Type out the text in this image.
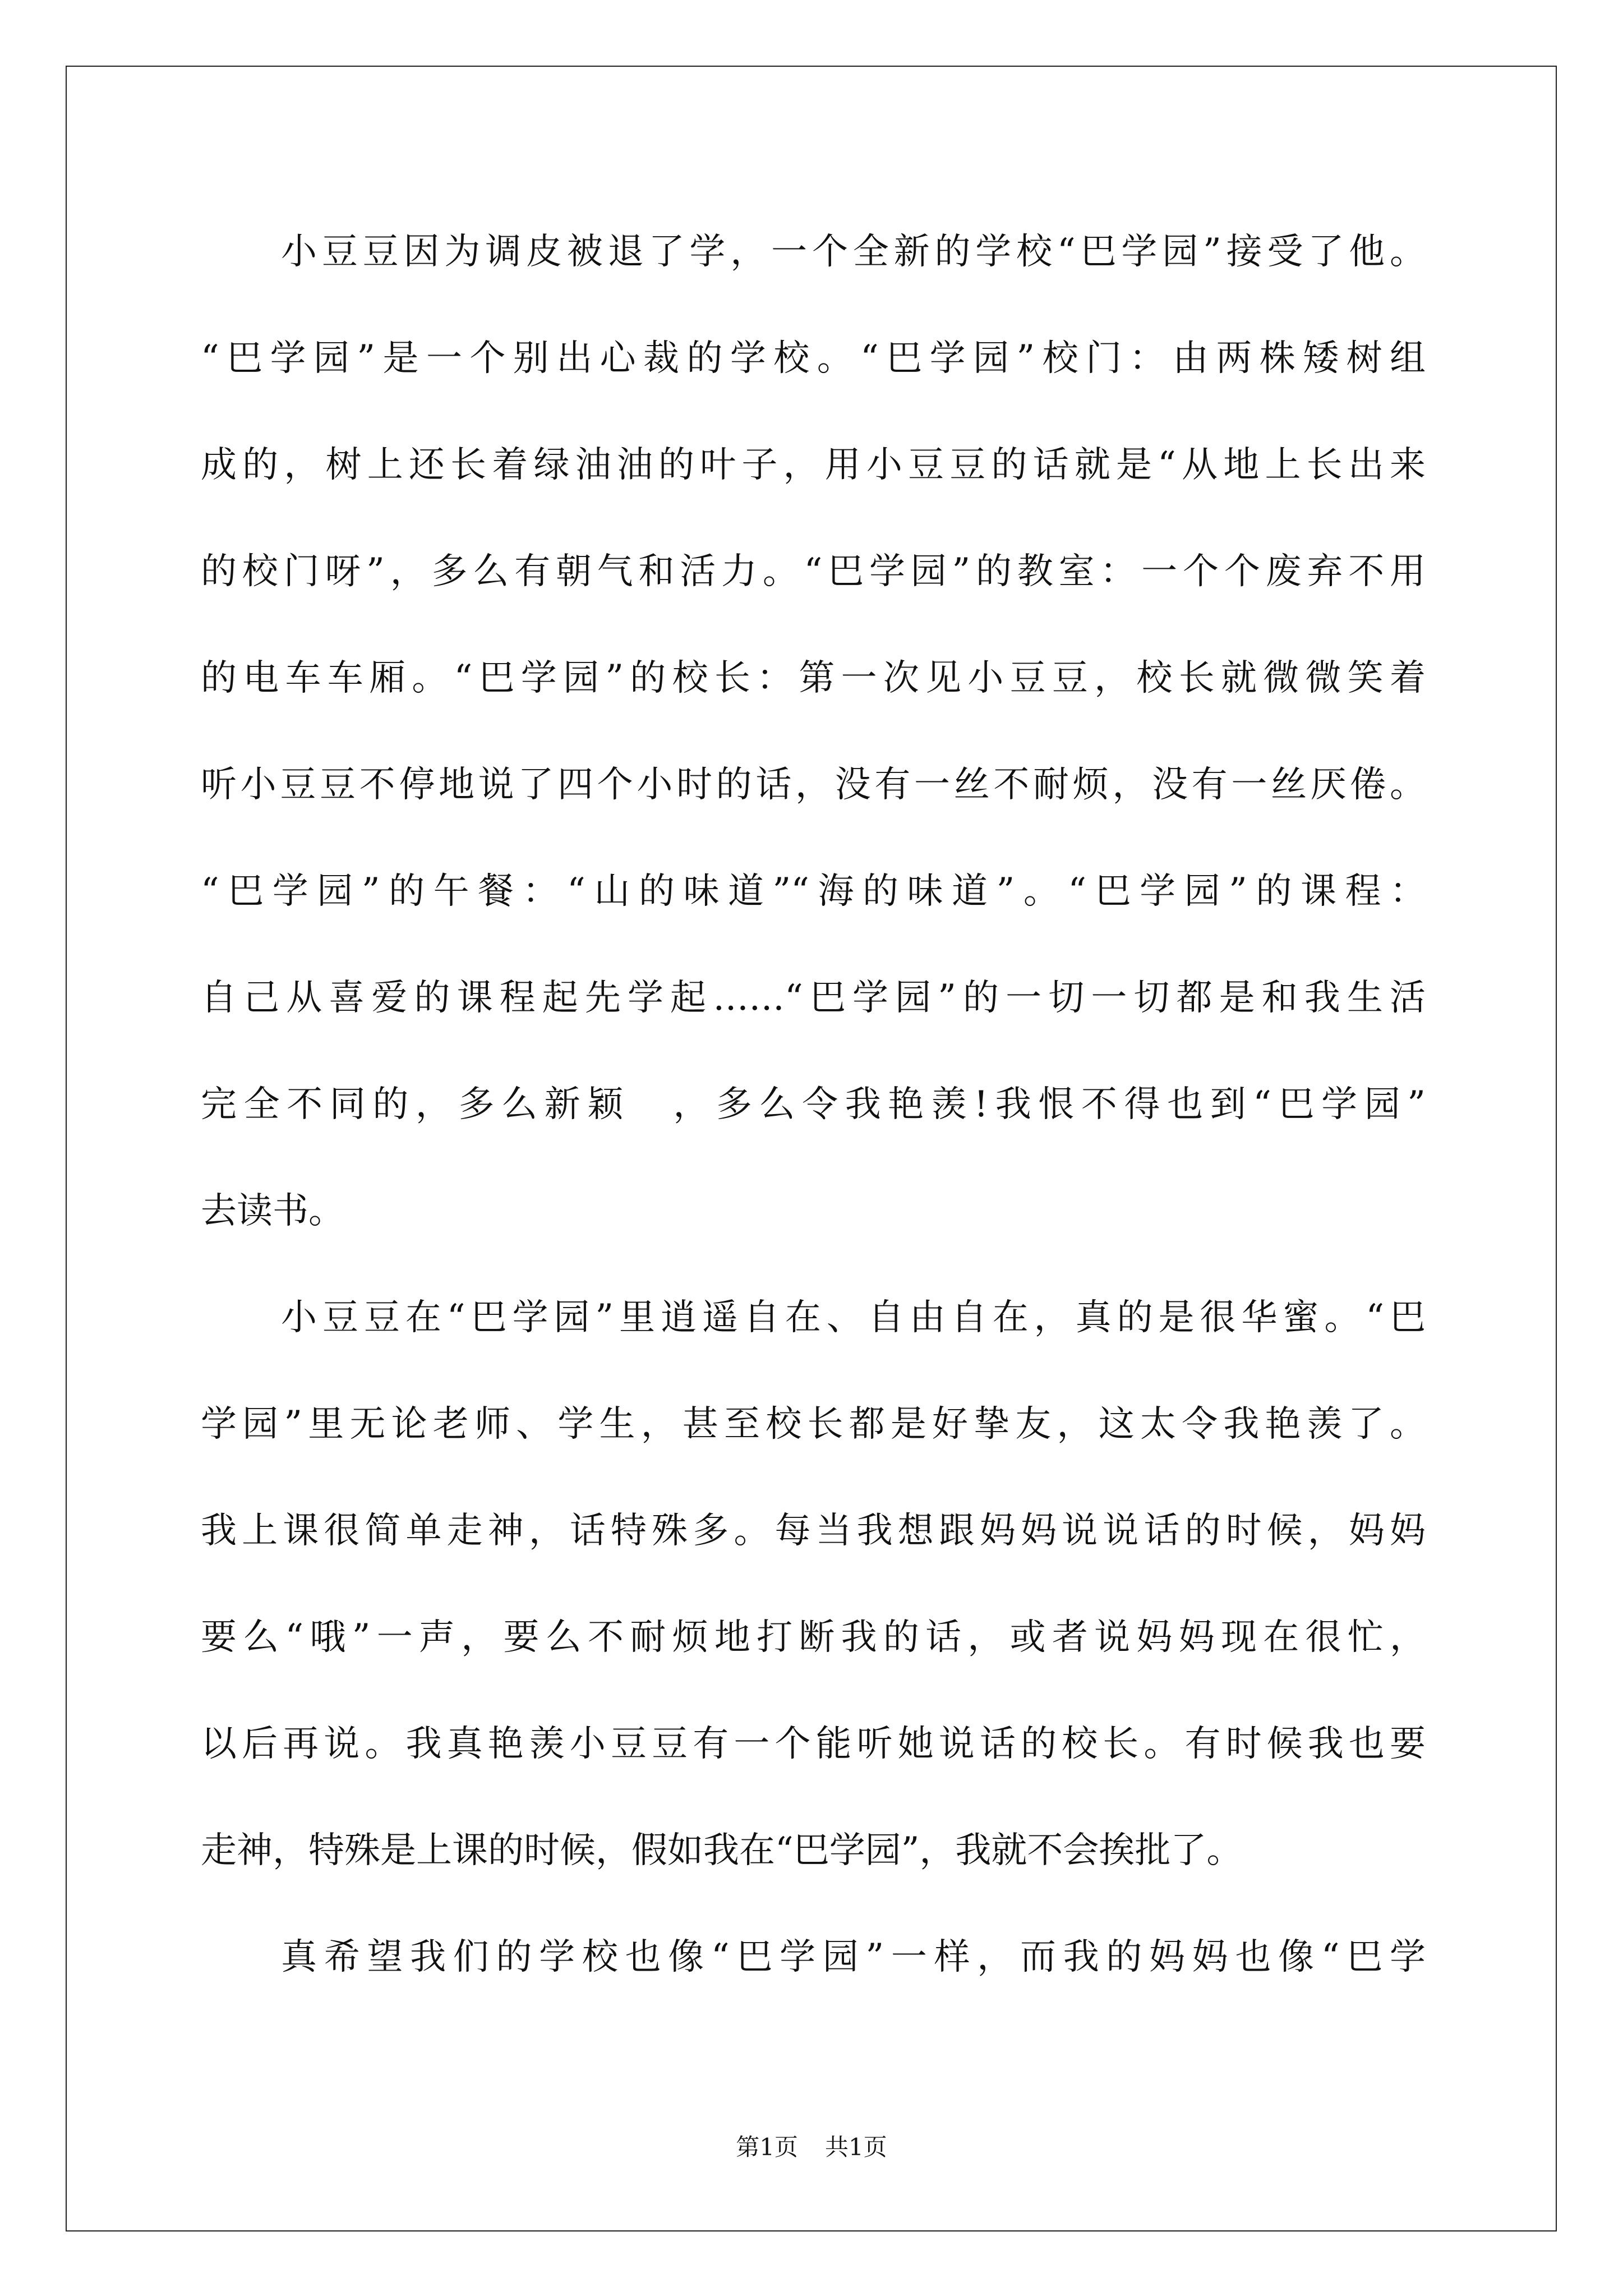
小豆豆因为调皮被退了学，一个全新的学校“巴学园”接受了他。
“巴学园”是一个别出心裁的学校。“巴学园”校门：由两株矮树组
成的，树上还长着绿油油的叶子，用小豆豆的话就是“从地上长出来
的校门呀”，多么有朝气和活力。“巴学园”的教室：一个个废弃不用
的电车车厢。“巴学园”的校长：第一次见小豆豆，校长就微微笑着
听小豆豆不停地说了四个小时的话，没有一丝不耐烦，没有一丝厌倦。
“巴学园”的午餐：“山的味道”“海的味道”。“巴学园”的课程：
自己从喜爱的课程起先学起……“巴学园”的一切一切都是和我生活
完全不同的，多么新颖　，多么令我艳羡!我恨不得也到“巴学园”
去读书。
小豆豆在“巴学园”里逍遥自在、自由自在，真的是很华蜜。“巴
学园”里无论老师、学生，甚至校长都是好挚友，这太令我艳羡了。
我上课很简单走神，话特殊多。每当我想跟妈妈说说话的时候，妈妈
要么“哦”一声，要么不耐烦地打断我的话，或者说妈妈现在很忙，
以后再说。我真艳羡小豆豆有一个能听她说话的校长。有时候我也要
走神，特殊是上课的时候，假如我在“巴学园”，我就不会挨批了。
真希望我们的学校也像“巴学园”一样，而我的妈妈也像“巴学
第1页 共1页
